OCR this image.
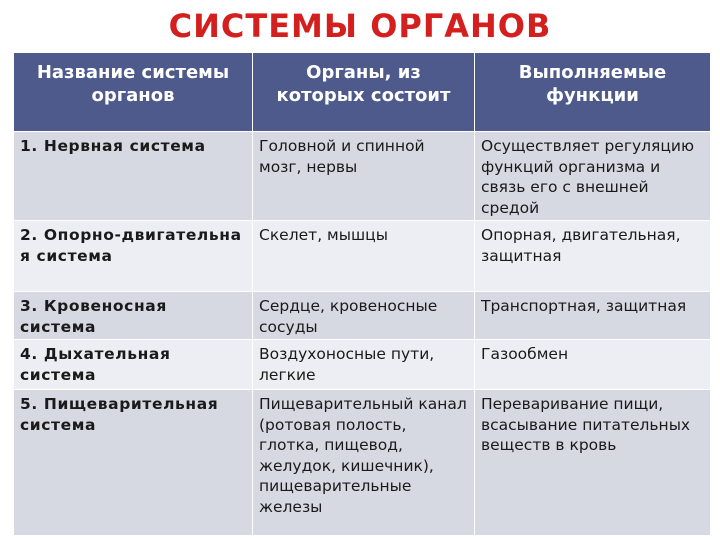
СИСТЕМЫ ОРГАНОВ
Название системы органов	Органы, из которых состоит	Выполняемые функции
1. Нервная система	Головной и спинной мозг, нервы	Осуществляет регуляцию функций организма и связь его с внешней средой
2. Опорно-двигательна я система	Скелет, мышцы	Опорная, двигательная, защитная
3. Кровеносная система	Сердце, кровеносные сосуды	Транспортная, защитная
4. Дыхательная система	Воздухоносные пути, легкие	Газообмен
5. Пищеварительная система	Пищеварительный канал (ротовая полость, глотка, пищевод, желудок, кишечник), пищеварительные железы	Переваривание пищи, всасывание питательных веществ в кровь
